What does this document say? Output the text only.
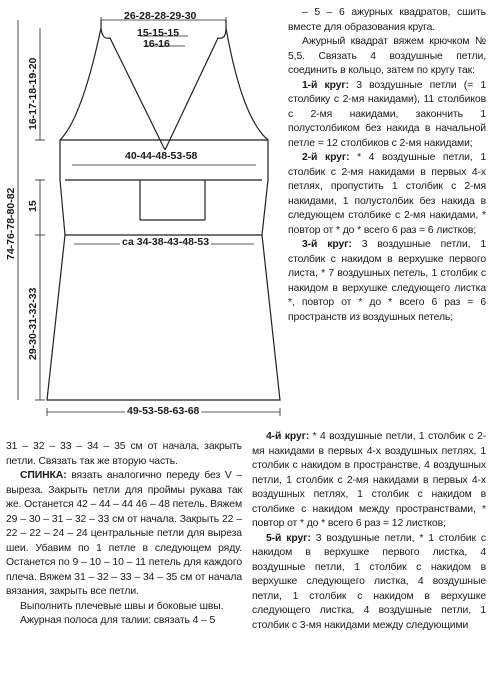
26-28-28-29-30
15-15-15
16-16
40-44-48-53-58
са 34-38-43-48-53
49-53-58-63-68
74-76-78-80-82
16-17-18-19-20
15
29-30-31-32-33

– 5 – 6 ажурных квадратов, сшить вместе для образования круга.

Ажурный квадрат вяжем крючком № 5,5. Связать 4 воздушные петли, соединить в кольцо, затем по кругу так:

1-й круг: 3 воздушные петли (= 1 столбику с 2-мя накидами), 11 столбиков с 2-мя накидами, закончить 1 полустолбиком без накида в начальной петле = 12 столбиков с 2-мя накидами;

2-й круг: * 4 воздушные петли, 1 столбик с 2-мя накидами в первых 4-х петлях, пропустить 1 столбик с 2-мя накидами, 1 полустолбик без накида в следующем столбике с 2-мя накидами, * повтор от * до * всего 6 раз = 6 листков;

3-й круг: 3 воздушные петли, 1 столбик с накидом в верхушке первого листа, * 7 воздушных петель, 1 столбик с накидом в верхушке следующего листка *, повтор от * до * всего 6 раз = 6 пространств из воздушных петель;

4-й круг: * 4 воздушные петли, 1 столбик с 2-мя накидами в первых 4-х воздушных петлях, 1 столбик с накидом в пространстве, 4 воздушных петли, 1 столбик с 2-мя накидами в первых 4-х воздушных петлях, 1 столбик с накидом в столбике с накидом между пространствами, * повтор от * до * всего 6 раз = 12 листков;

5-й круг: 3 воздушные петли, * 1 столбик с накидом в верхушке первого листка, 4 воздушные петли, 1 столбик с накидом в верхушке следующего листка, 4 воздушные петли, 1 столбик с накидом в верхушке следующего листка, 4 воздушные петли, 1 столбик с 3-мя накидами между следующими

31 – 32 – 33 – 34 – 35 см от начала, закрыть петли. Связать так же вторую часть.

СПИНКА: вязать аналогично переду без V – выреза. Закрыть петли для проймы рукава так же. Останется 42 – 44 – 44 46 – 48 петель. Вяжем 29 – 30 – 31 – 32 – 33 см от начала. Закрыть 22 – 22 – 22 – 24 – 24 центральные петли для выреза шеи. Убавим по 1 петле в следующем ряду. Останется по 9 – 10 – 10 – 11 петель для каждого плеча. Вяжем 31 – 32 – 33 – 34 – 35 см от начала вязания, закрыть все петли.

Выполнить плечевые швы и боковые швы.

Ажурная полоса для талии: связать 4 – 5
